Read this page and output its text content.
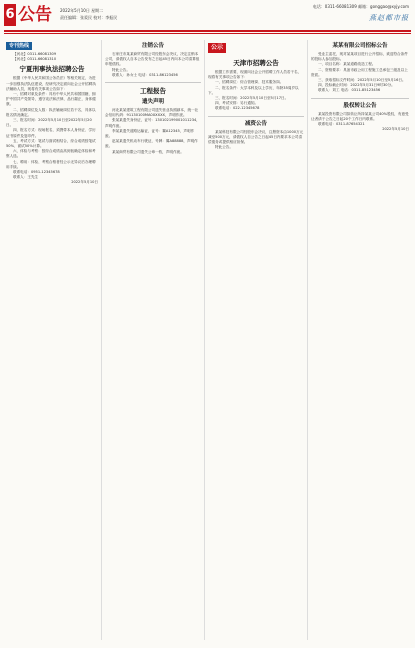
6 公告 2022年5月10日 星期二
责任编辑：张爱民 校对：李振民
电话：0311-66081309 邮箱：gonggao@xyjy.com
燕赵都市报
专刊热线

【河北】0311-66081309

【河北】0311-66081310

宁夏刑事执法招聘公告

根据《中华人民共和国公务员法》等相关规定，为进一步加强执法队伍建设，经研究决定面向社会公开招聘执法辅助人员，现将有关事项公告如下：

一、招聘对象及条件：具有中华人民共和国国籍，拥护中国共产党领导，遵守宪法和法律，品行端正，身体健康。

二、招聘岗位及人数：执法辅助岗位若干名，具体以报名情况确定。

三、报名时间：2022年5月10日至2022年5月20日。

四、报名方式：现场报名，须携带本人身份证、学历证书原件及复印件。

五、考试方式：笔试与面试相结合，综合成绩按笔试50%、面试50%计算。

六、体检与考察：按综合成绩由高到低确定体检和考察人选。

七、聘用：体检、考察合格者经公示无异议后办理聘用手续。

联系电话：0951-12345678

联系人：王先生

2022年5月10日

注销公告

石家庄市某某商贸有限公司经股东会决议，决定注销本公司，请债权人自本公告发布之日起45日内向本公司清算组申报债权。

特此公告。

联系人：孙女士 电话：0311-86123456

工程报告
遗失声明

河北某某建筑工程有限公司遗失营业执照副本，统一社会信用代码：91130100MA0XXXXX，声明作废。

张某某遗失身份证，证号：130102199001011234，声明作废。

李某某遗失道路运输证，证号：冀A12345，声明作废。

赵某某遗失机动车行驶证，号牌：冀A88888，声明作废。

某某商贸有限公司遗失公章一枚，声明作废。

公示
天津市招聘公告

根据工作需要，现面向社会公开招聘工作人员若干名，现将有关事项公告如下：

一、招聘岗位：综合管理岗、技术服务岗。

二、报名条件：大学本科及以上学历，年龄35周岁以下。

三、报名时间：2022年5月10日至5月17日。

四、考试安排：另行通知。

联系电话：022-12345678

减资公告

某某科技有限公司经股东会决议，注册资本由1000万元减至500万元，请债权人自公告之日起45日内要求本公司清偿债务或提供相应担保。

特此公告。

某某有限公司招标公告

受业主委托，现对某某项目进行公开招标，欢迎符合条件的投标人参加投标。

一、项目名称：某某道路改造工程。

二、资格要求：具备市政公用工程施工总承包三级及以上资质。

三、获取招标文件时间：2022年5月10日至5月16日。

四、投标截止时间：2022年5月31日9时30分。

联系人：刘工 电话：0311-85123456

股权转让公告

某某投资有限公司拟转让所持某某公司40%股权，有意受让者请于公告之日起20个工作日内联系。

联系电话：0311-87654321

2022年5月10日
